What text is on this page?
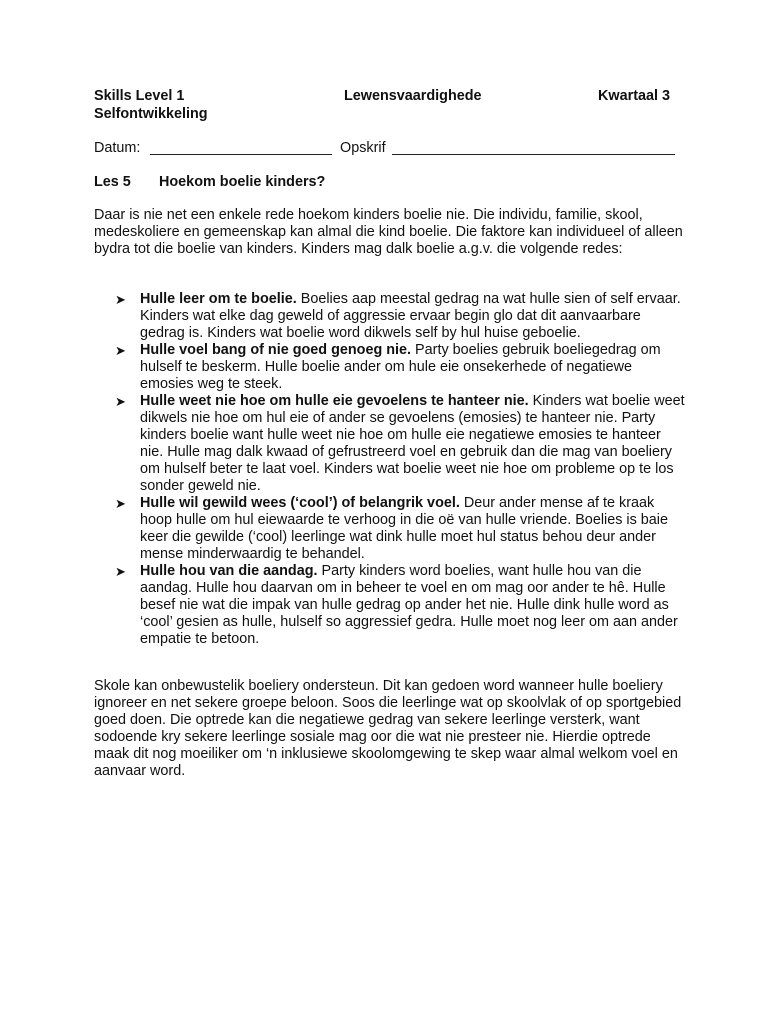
Skills Level 1	Lewensvaardighede	Kwartaal 3
Selfontwikkeling
Datum:	Opskrif
Les 5 Hoekom boelie kinders?

Daar is nie net een enkele rede hoekom kinders boelie nie. Die individu, familie, skool, medeskoliere en gemeenskap kan almal die kind boelie. Die faktore kan individueel of alleen bydra tot die boelie van kinders. Kinders mag dalk boelie a.g.v. die volgende redes:

➤ Hulle leer om te boelie. Boelies aap meestal gedrag na wat hulle sien of self ervaar. Kinders wat elke dag geweld of aggressie ervaar begin glo dat dit aanvaarbare gedrag is. Kinders wat boelie word dikwels self by hul huise geboelie.
➤ Hulle voel bang of nie goed genoeg nie. Party boelies gebruik boeliegedrag om hulself te beskerm. Hulle boelie ander om hule eie onsekerhede of negatiewe emosies weg te steek.
➤ Hulle weet nie hoe om hulle eie gevoelens te hanteer nie. Kinders wat boelie weet dikwels nie hoe om hul eie of ander se gevoelens (emosies) te hanteer nie. Party kinders boelie want hulle weet nie hoe om hulle eie negatiewe emosies te hanteer nie. Hulle mag dalk kwaad of gefrustreerd voel en gebruik dan die mag van boeliery om hulself beter te laat voel. Kinders wat boelie weet nie hoe om probleme op te los sonder geweld nie.
➤ Hulle wil gewild wees (‘cool’) of belangrik voel. Deur ander mense af te kraak hoop hulle om hul eiewaarde te verhoog in die oë van hulle vriende. Boelies is baie keer die gewilde (‘cool) leerlinge wat dink hulle moet hul status behou deur ander mense minderwaardig te behandel.
➤ Hulle hou van die aandag. Party kinders word boelies, want hulle hou van die aandag. Hulle hou daarvan om in beheer te voel en om mag oor ander te hê. Hulle besef nie wat die impak van hulle gedrag op ander het nie. Hulle dink hulle word as ‘cool’ gesien as hulle, hulself so aggressief gedra. Hulle moet nog leer om aan ander empatie te betoon.

Skole kan onbewustelik boeliery ondersteun. Dit kan gedoen word wanneer hulle boeliery ignoreer en net sekere groepe beloon. Soos die leerlinge wat op skoolvlak of op sportgebied goed doen. Die optrede kan die negatiewe gedrag van sekere leerlinge versterk, want sodoende kry sekere leerlinge sosiale mag oor die wat nie presteer nie. Hierdie optrede maak dit nog moeiliker om ‘n inklusiewe skoolomgewing te skep waar almal welkom voel en aanvaar word.
